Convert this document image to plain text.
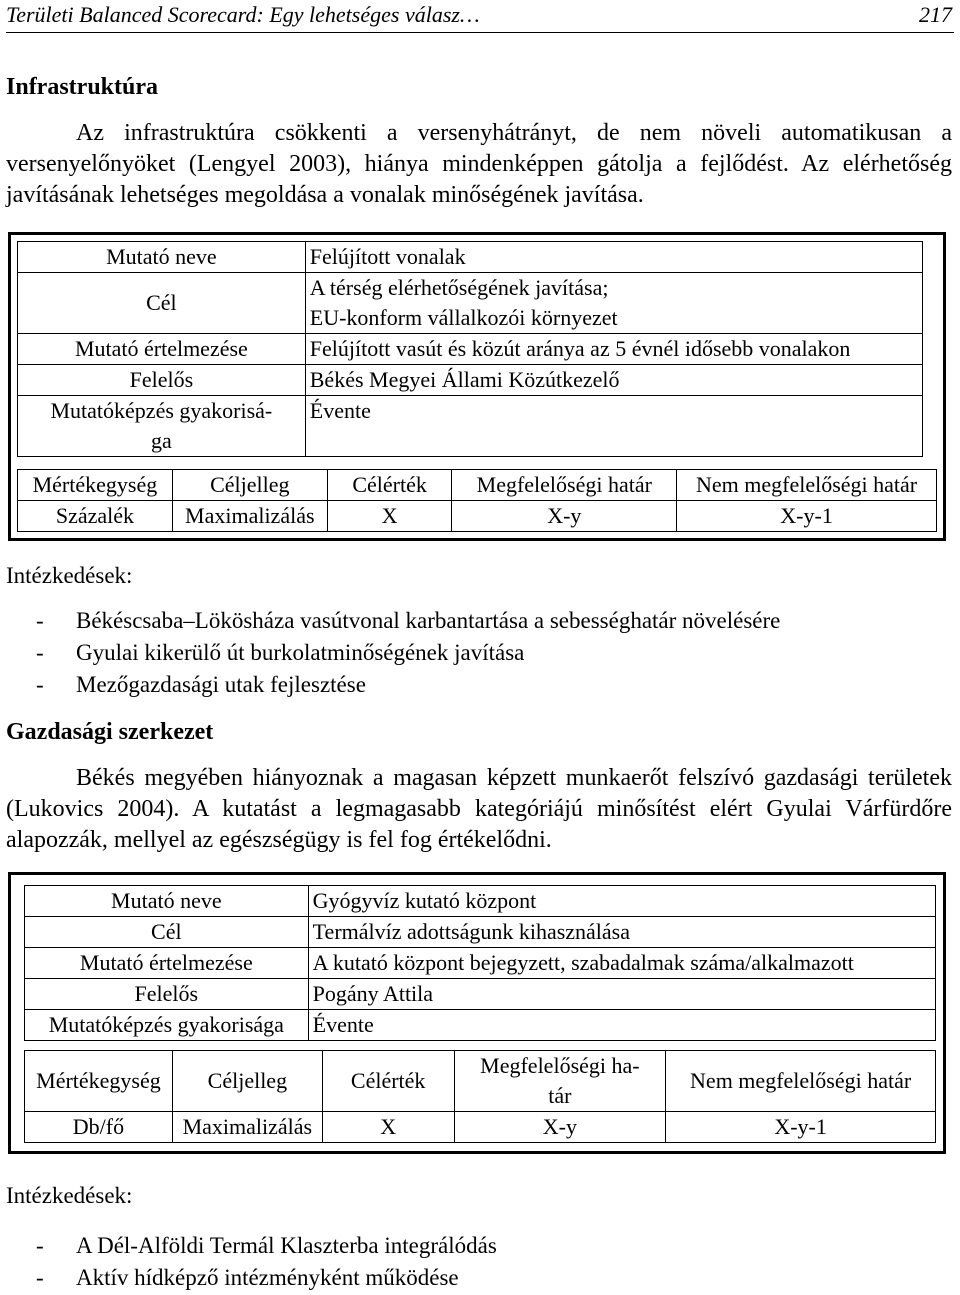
Területi Balanced Scorecard: Egy lehetséges válasz…	217
Infrastruktúra

Az infrastruktúra csökkenti a versenyhátrányt, de nem növeli automatikusan a versenyelőnyöket (Lengyel 2003), hiánya mindenképpen gátolja a fejlődést. Az elérhetőség javításának lehetséges megoldása a vonalak minőségének javítása.

Mutató neve	Felújított vonalak
Cél	A térség elérhetőségének javítása;
EU-konform vállalkozói környezet

Mutató értelmezése	Felújított vasút és közút aránya az 5 évnél idősebb vonalakon
Felelős	Békés Megyei Állami Közútkezelő

Mutatóképzés gyakorisá-
ga	Évente
Mértékegység	Céljelleg	Célérték	Megfelelőségi határ	Nem megfelelőségi határ
Százalék	Maximalizálás	X	X-y	X-y-1
Intézkedések:
- Békéscsaba–Lökösháza vasútvonal karbantartása a sebességhatár növelésére
- Gyulai kikerülő út burkolatminőségének javítása
- Mezőgazdasági utak fejlesztése
Gazdasági szerkezet

Békés megyében hiányoznak a magasan képzett munkaerőt felszívó gazdasági területek (Lukovics 2004). A kutatást a legmagasabb kategóriájú minősítést elért Gyulai Várfürdőre alapozzák, mellyel az egészségügy is fel fog értékelődni.

Mutató neve	Gyógyvíz kutató központ
Cél	Termálvíz adottságunk kihasználása
Mutató értelmezése	A kutató központ bejegyzett, szabadalmak száma/alkalmazott
Felelős	Pogány Attila
Mutatóképzés gyakorisága	Évente
Mértékegység	Céljelleg	Célérték	Megfelelőségi ha-
tár	Nem megfelelőségi határ
Db/fő	Maximalizálás	X	X-y	X-y-1
Intézkedések:
- A Dél-Alföldi Termál Klaszterba integrálódás
- Aktív hídképző intézményként működése
